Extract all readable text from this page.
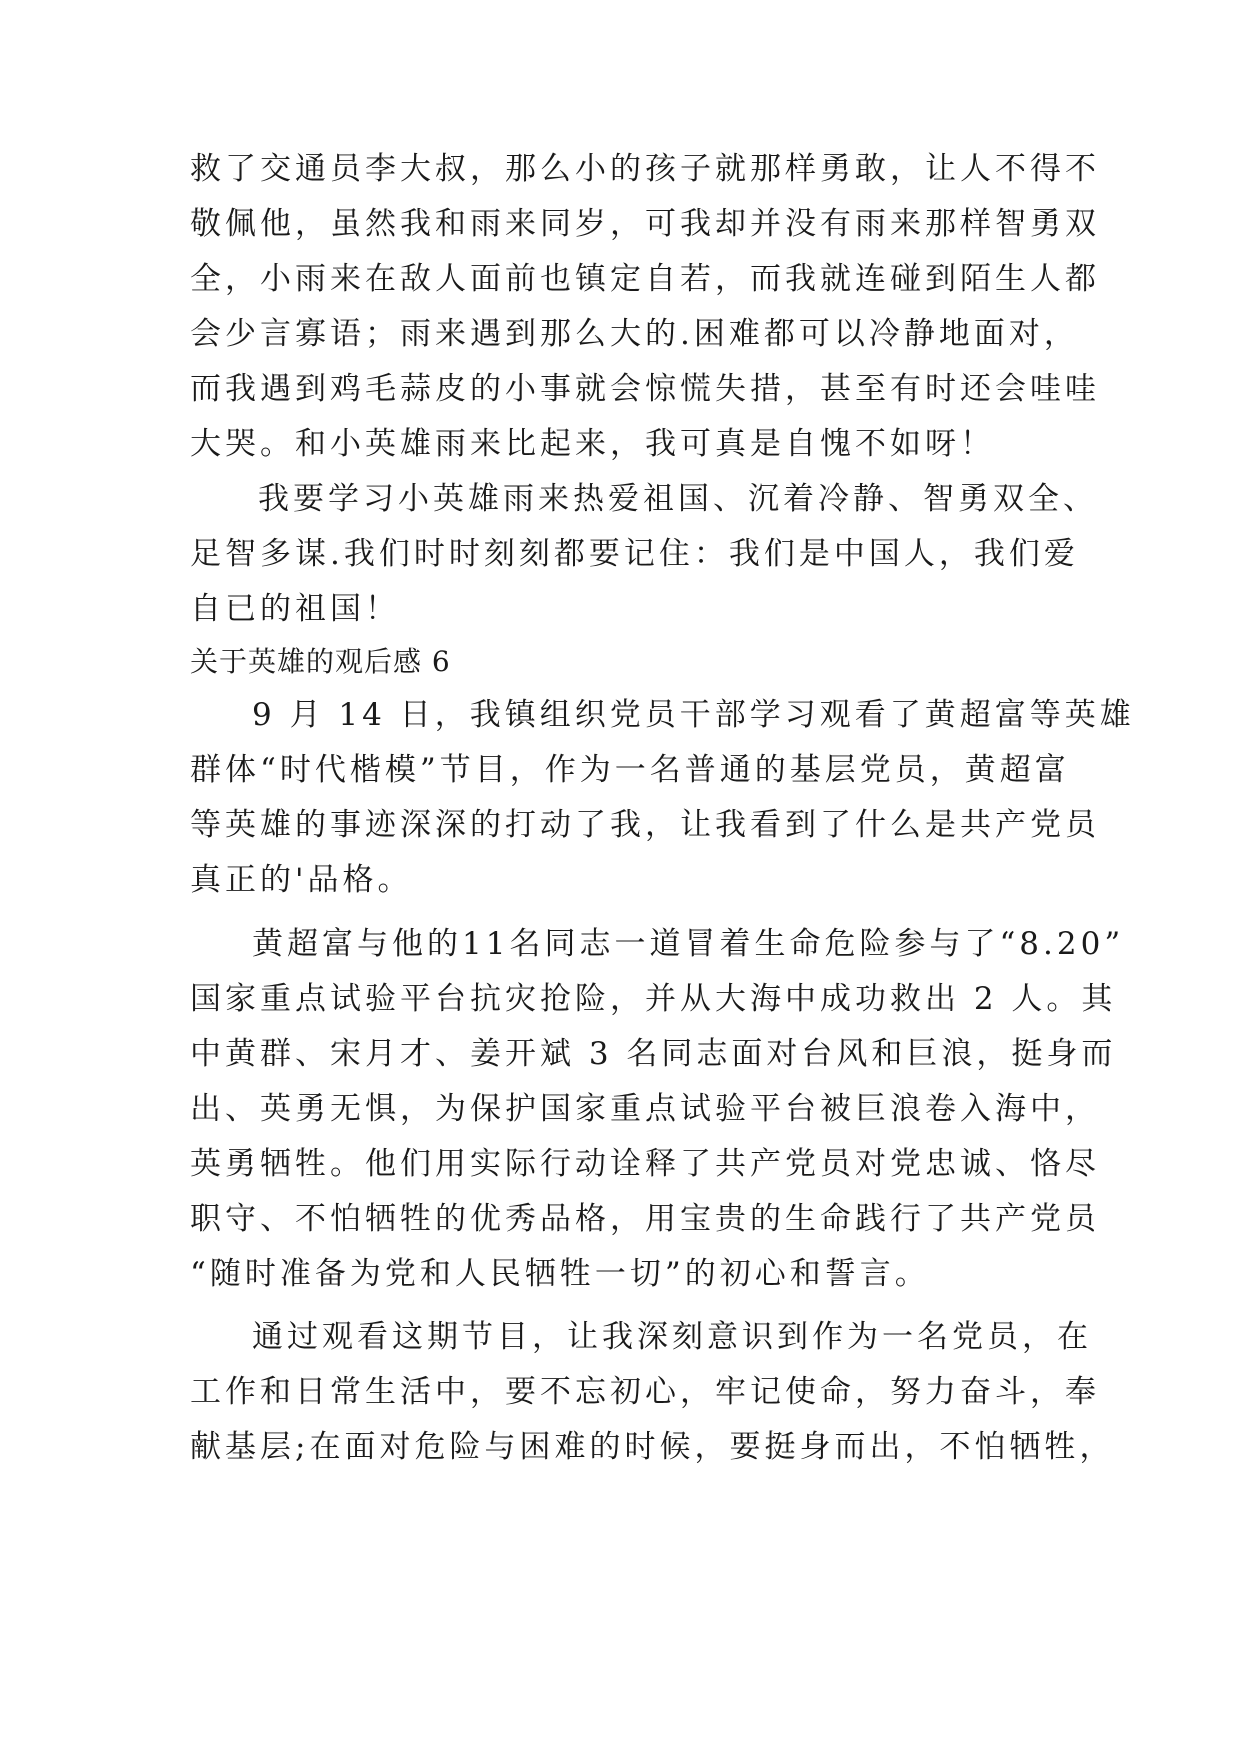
救了交通员李大叔，那么小的孩子就那样勇敢，让人不得不
敬佩他，虽然我和雨来同岁，可我却并没有雨来那样智勇双
全，小雨来在敌人面前也镇定自若，而我就连碰到陌生人都
会少言寡语；雨来遇到那么大的.困难都可以冷静地面对，
而我遇到鸡毛蒜皮的小事就会惊慌失措，甚至有时还会哇哇
大哭。和小英雄雨来比起来，我可真是自愧不如呀！
我要学习小英雄雨来热爱祖国、沉着冷静、智勇双全、
足智多谋.我们时时刻刻都要记住：我们是中国人，我们爱
自已的祖国！
关于英雄的观后感 6
9 月 14 日，我镇组织党员干部学习观看了黄超富等英雄
群体“时代楷模”节目，作为一名普通的基层党员，黄超富
等英雄的事迹深深的打动了我，让我看到了什么是共产党员
真正的'品格。
黄超富与他的11名同志一道冒着生命危险参与了“8.20”
国家重点试验平台抗灾抢险，并从大海中成功救出 2 人。其
中黄群、宋月才、姜开斌 3 名同志面对台风和巨浪，挺身而
出、英勇无惧，为保护国家重点试验平台被巨浪卷入海中，
英勇牺牲。他们用实际行动诠释了共产党员对党忠诚、恪尽
职守、不怕牺牲的优秀品格，用宝贵的生命践行了共产党员
“随时准备为党和人民牺牲一切”的初心和誓言。
通过观看这期节目，让我深刻意识到作为一名党员，在
工作和日常生活中，要不忘初心，牢记使命，努力奋斗，奉
献基层;在面对危险与困难的时候，要挺身而出，不怕牺牲，
